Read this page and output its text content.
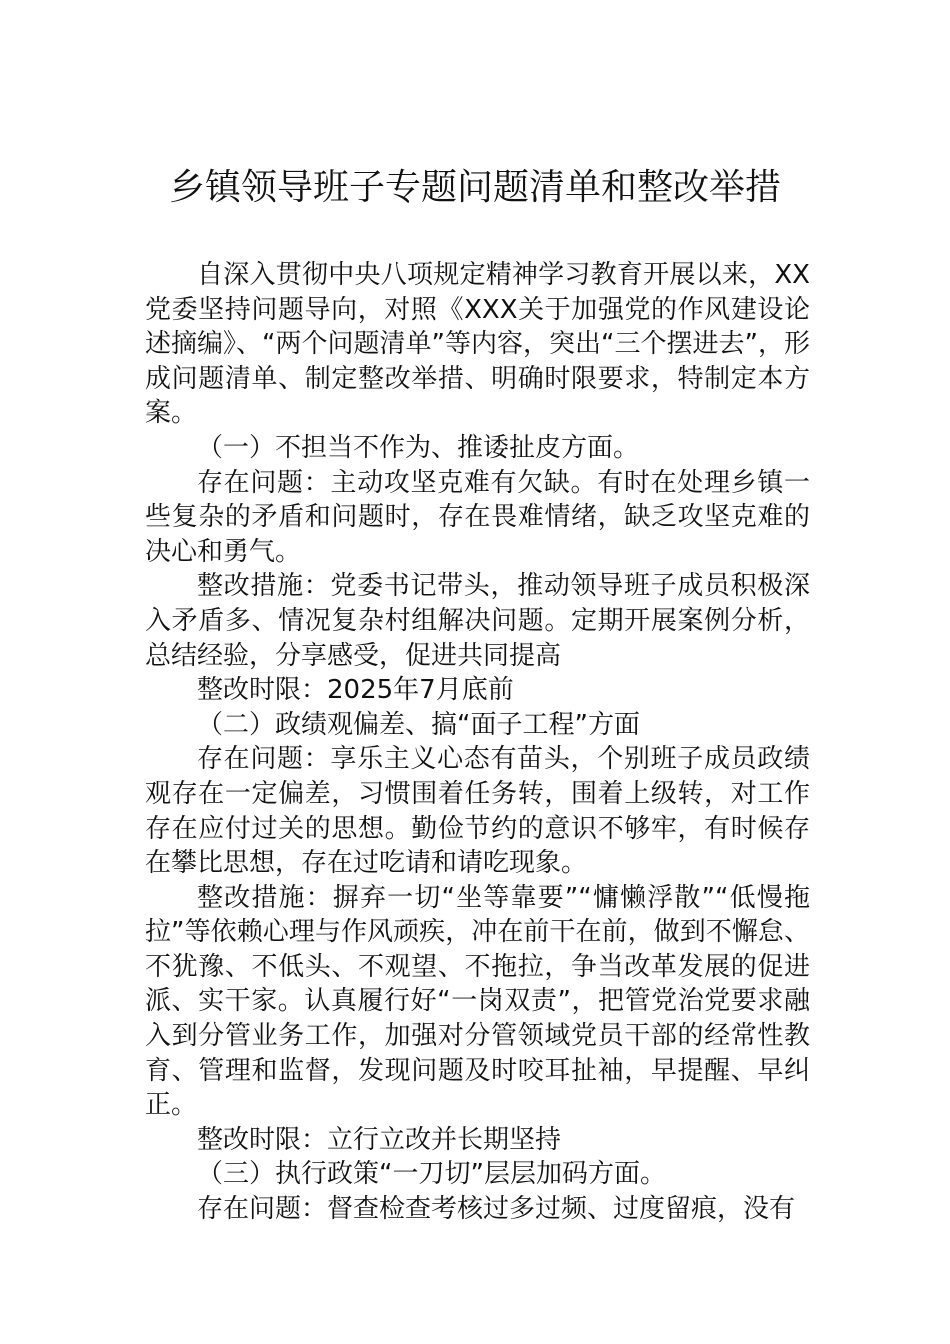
乡镇领导班子专题问题清单和整改举措

自深入贯彻中央八项规定精神学习教育开展以来，XX党委坚持问题导向，对照《XXX关于加强党的作风建设论述摘编》、“两个问题清单”等内容，突出“三个摆进去”，形成问题清单、制定整改举措、明确时限要求，特制定本方案。

（一）不担当不作为、推诿扯皮方面。

存在问题：主动攻坚克难有欠缺。有时在处理乡镇一些复杂的矛盾和问题时，存在畏难情绪，缺乏攻坚克难的决心和勇气。

整改措施：党委书记带头，推动领导班子成员积极深入矛盾多、情况复杂村组解决问题。定期开展案例分析，总结经验，分享感受，促进共同提高

整改时限：2025年7月底前

（二）政绩观偏差、搞“面子工程”方面

存在问题：享乐主义心态有苗头，个别班子成员政绩观存在一定偏差，习惯围着任务转，围着上级转，对工作存在应付过关的思想。勤俭节约的意识不够牢，有时候存在攀比思想，存在过吃请和请吃现象。

整改措施：摒弃一切“坐等靠要”“慵懒浮散”“低慢拖拉”等依赖心理与作风顽疾，冲在前干在前，做到不懈怠、不犹豫、不低头、不观望、不拖拉，争当改革发展的促进派、实干家。认真履行好“一岗双责”，把管党治党要求融入到分管业务工作，加强对分管领域党员干部的经常性教育、管理和监督，发现问题及时咬耳扯袖，早提醒、早纠正。

整改时限：立行立改并长期坚持

（三）执行政策“一刀切”层层加码方面。

存在问题：督查检查考核过多过频、过度留痕，没有
